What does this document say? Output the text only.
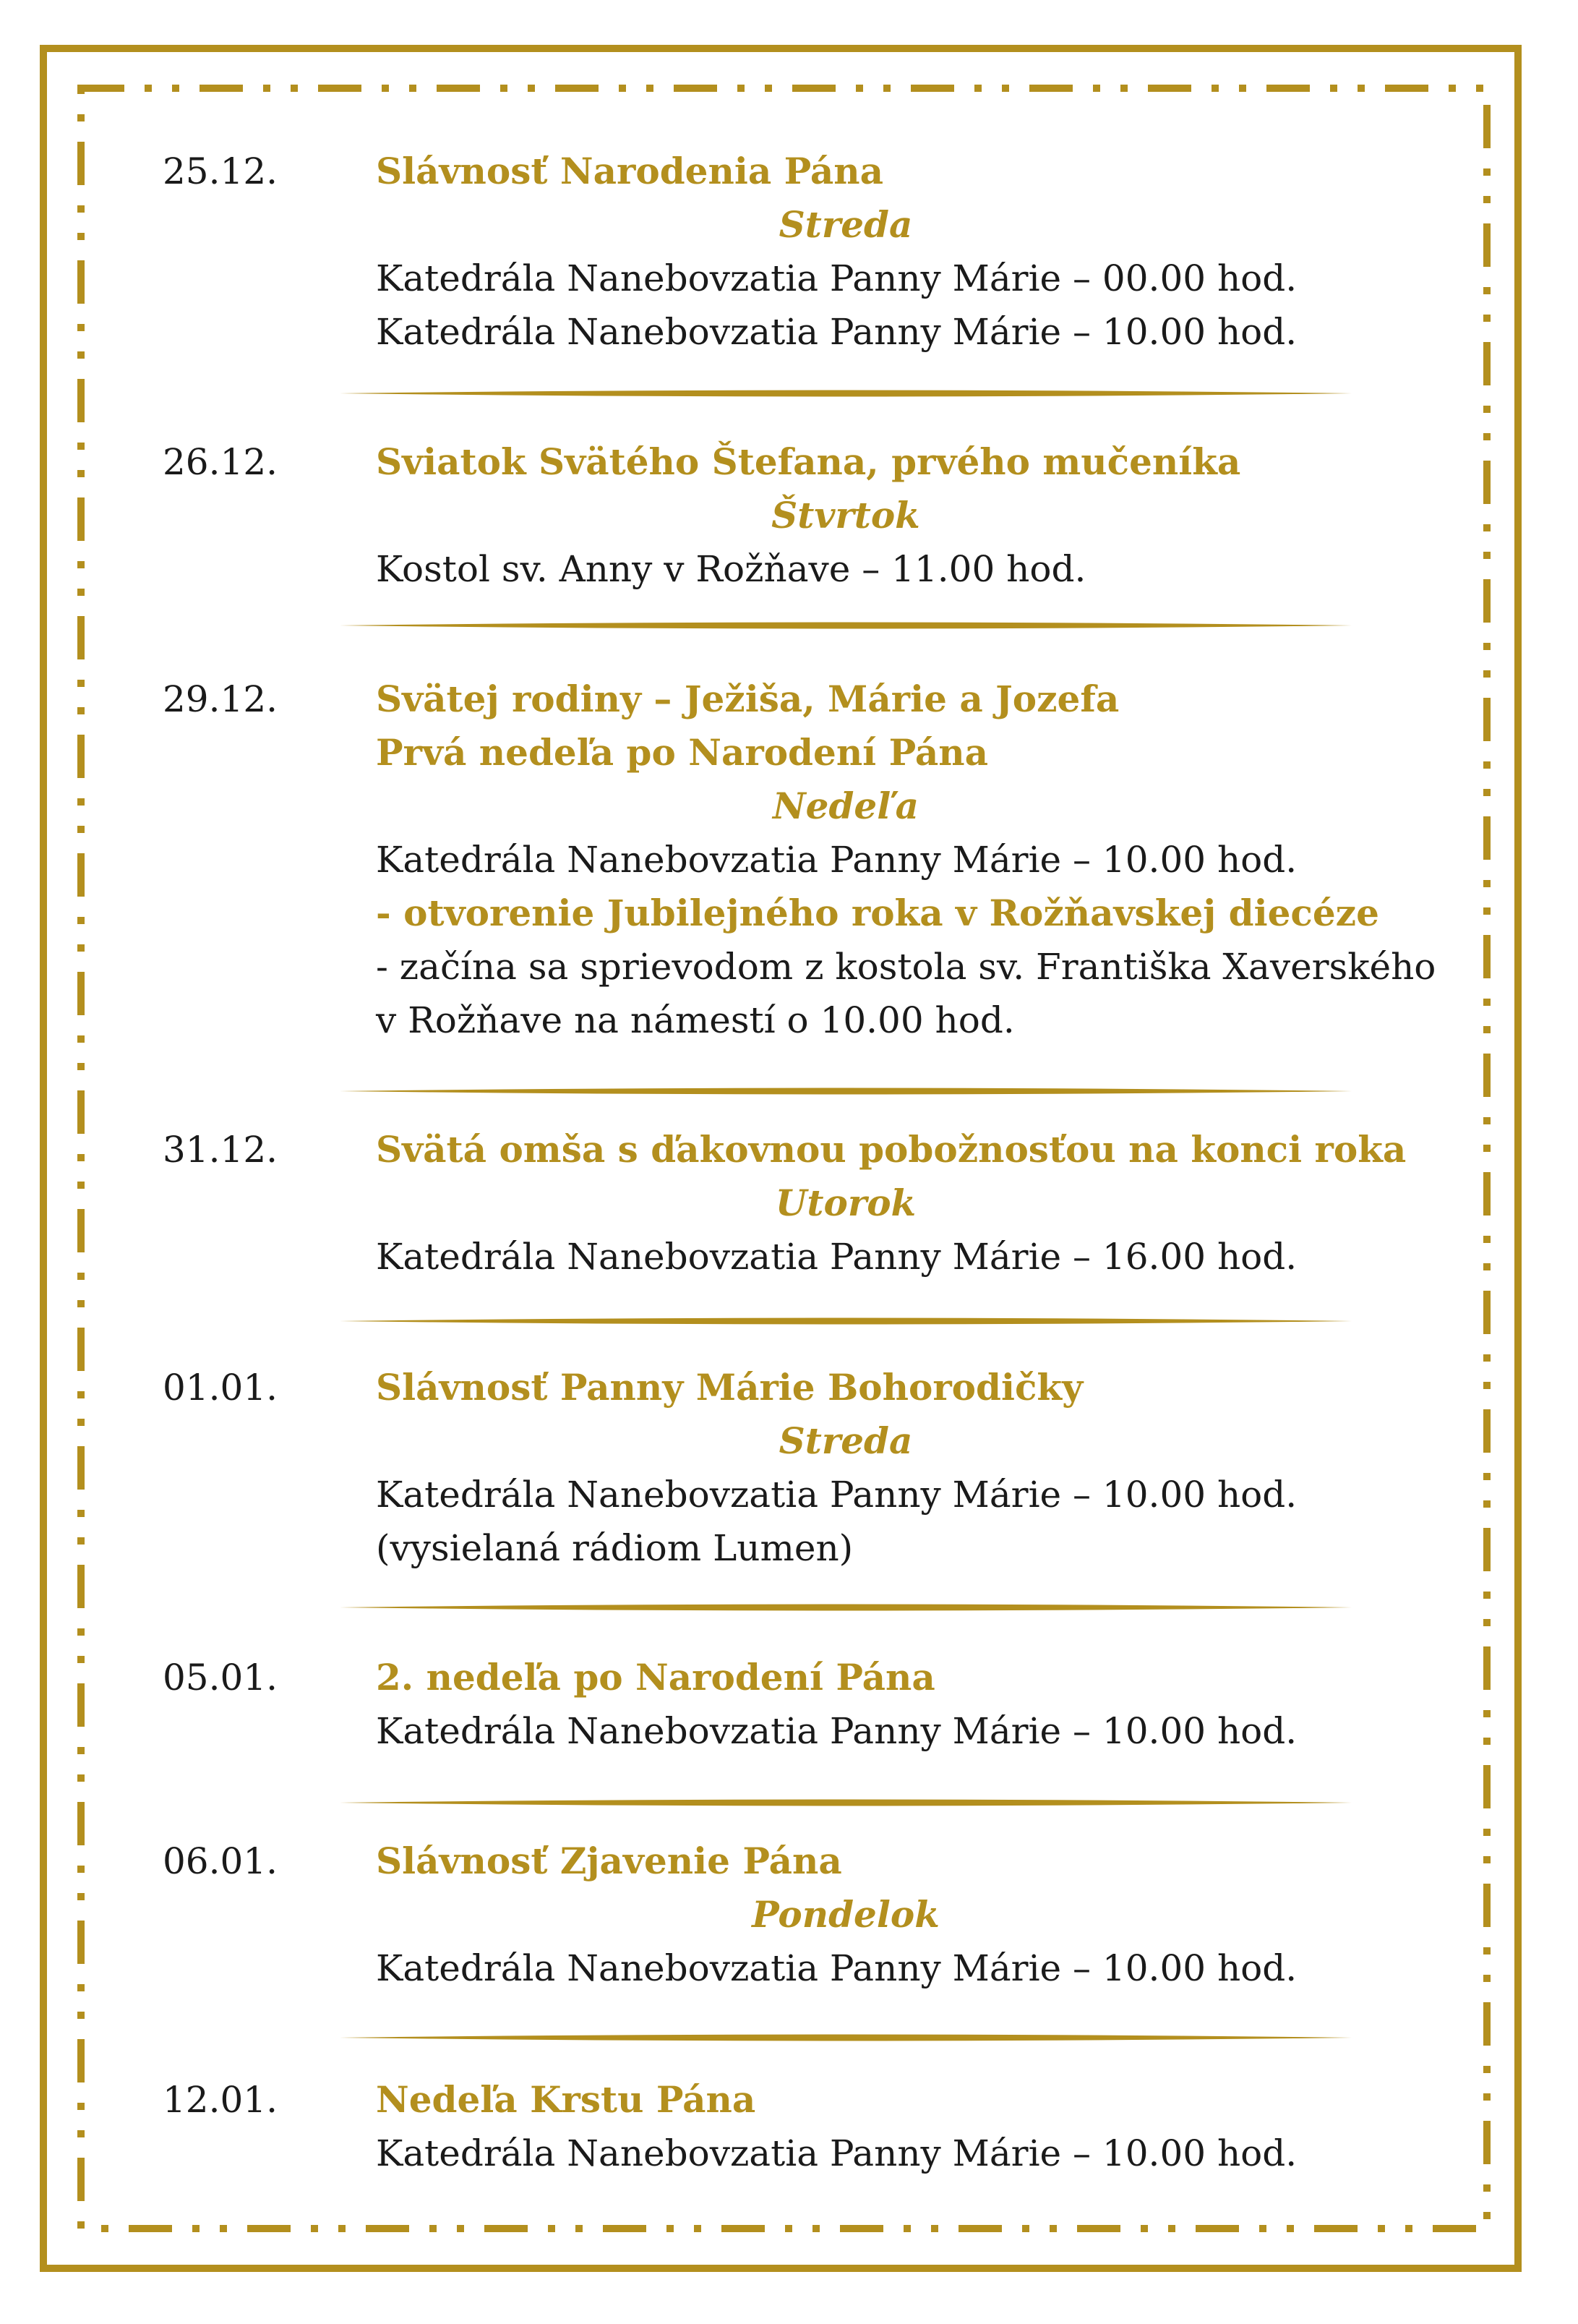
25.12.	Slávnosť Narodenia Pána
Streda
Katedrála Nanebovzatia Panny Márie – 00.00 hod.
Katedrála Nanebovzatia Panny Márie – 10.00 hod.
26.12.	Sviatok Svätého Štefana, prvého mučeníka
Štvrtok
Kostol sv. Anny v Rožňave – 11.00 hod.
29.12.	Svätej rodiny – Ježiša, Márie a Jozefa
Prvá nedeľa po Narodení Pána
Nedeľa
Katedrála Nanebovzatia Panny Márie – 10.00 hod.
- otvorenie Jubilejného roka v Rožňavskej diecéze
- začína sa sprievodom z kostola sv. Františka Xaverského
v Rožňave na námestí o 10.00 hod.
31.12.	Svätá omša s ďakovnou pobožnosťou na konci roka
Utorok
Katedrála Nanebovzatia Panny Márie – 16.00 hod.
01.01.	Slávnosť Panny Márie Bohorodičky
Streda
Katedrála Nanebovzatia Panny Márie – 10.00 hod.
(vysielaná rádiom Lumen)
05.01.	2. nedeľa po Narodení Pána
Katedrála Nanebovzatia Panny Márie – 10.00 hod.
06.01.	Slávnosť Zjavenie Pána
Pondelok
Katedrála Nanebovzatia Panny Márie – 10.00 hod.
12.01.	Nedeľa Krstu Pána
Katedrála Nanebovzatia Panny Márie – 10.00 hod.
